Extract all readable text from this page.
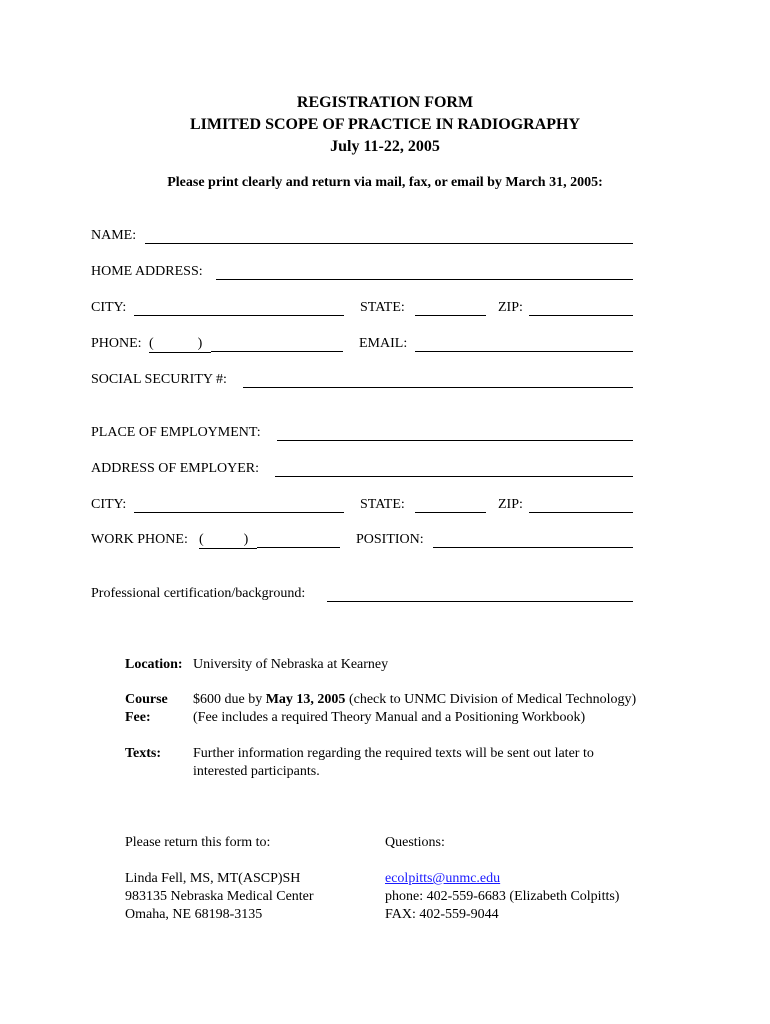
REGISTRATION FORM
LIMITED SCOPE OF PRACTICE IN RADIOGRAPHY
July 11-22, 2005
Please print clearly and return via mail, fax, or email by March 31, 2005:
NAME:
HOME ADDRESS:
CITY:	STATE:	ZIP:
PHONE: (	)	EMAIL:
SOCIAL SECURITY #:
PLACE OF EMPLOYMENT:
ADDRESS OF EMPLOYER:
CITY:	STATE:	ZIP:
WORK PHONE: (	)	POSITION:
Professional certification/background:
Location: University of Nebraska at Kearney
Course
Fee:
$600 due by May 13, 2005 (check to UNMC Division of Medical Technology)
(Fee includes a required Theory Manual and a Positioning Workbook)
Texts: Further information regarding the required texts will be sent out later to
interested participants.
Please return this form to:
Linda Fell, MS, MT(ASCP)SH
983135 Nebraska Medical Center
Omaha, NE 68198-3135
Questions:
ecolpitts@unmc.edu
phone: 402-559-6683 (Elizabeth Colpitts)
FAX: 402-559-9044
